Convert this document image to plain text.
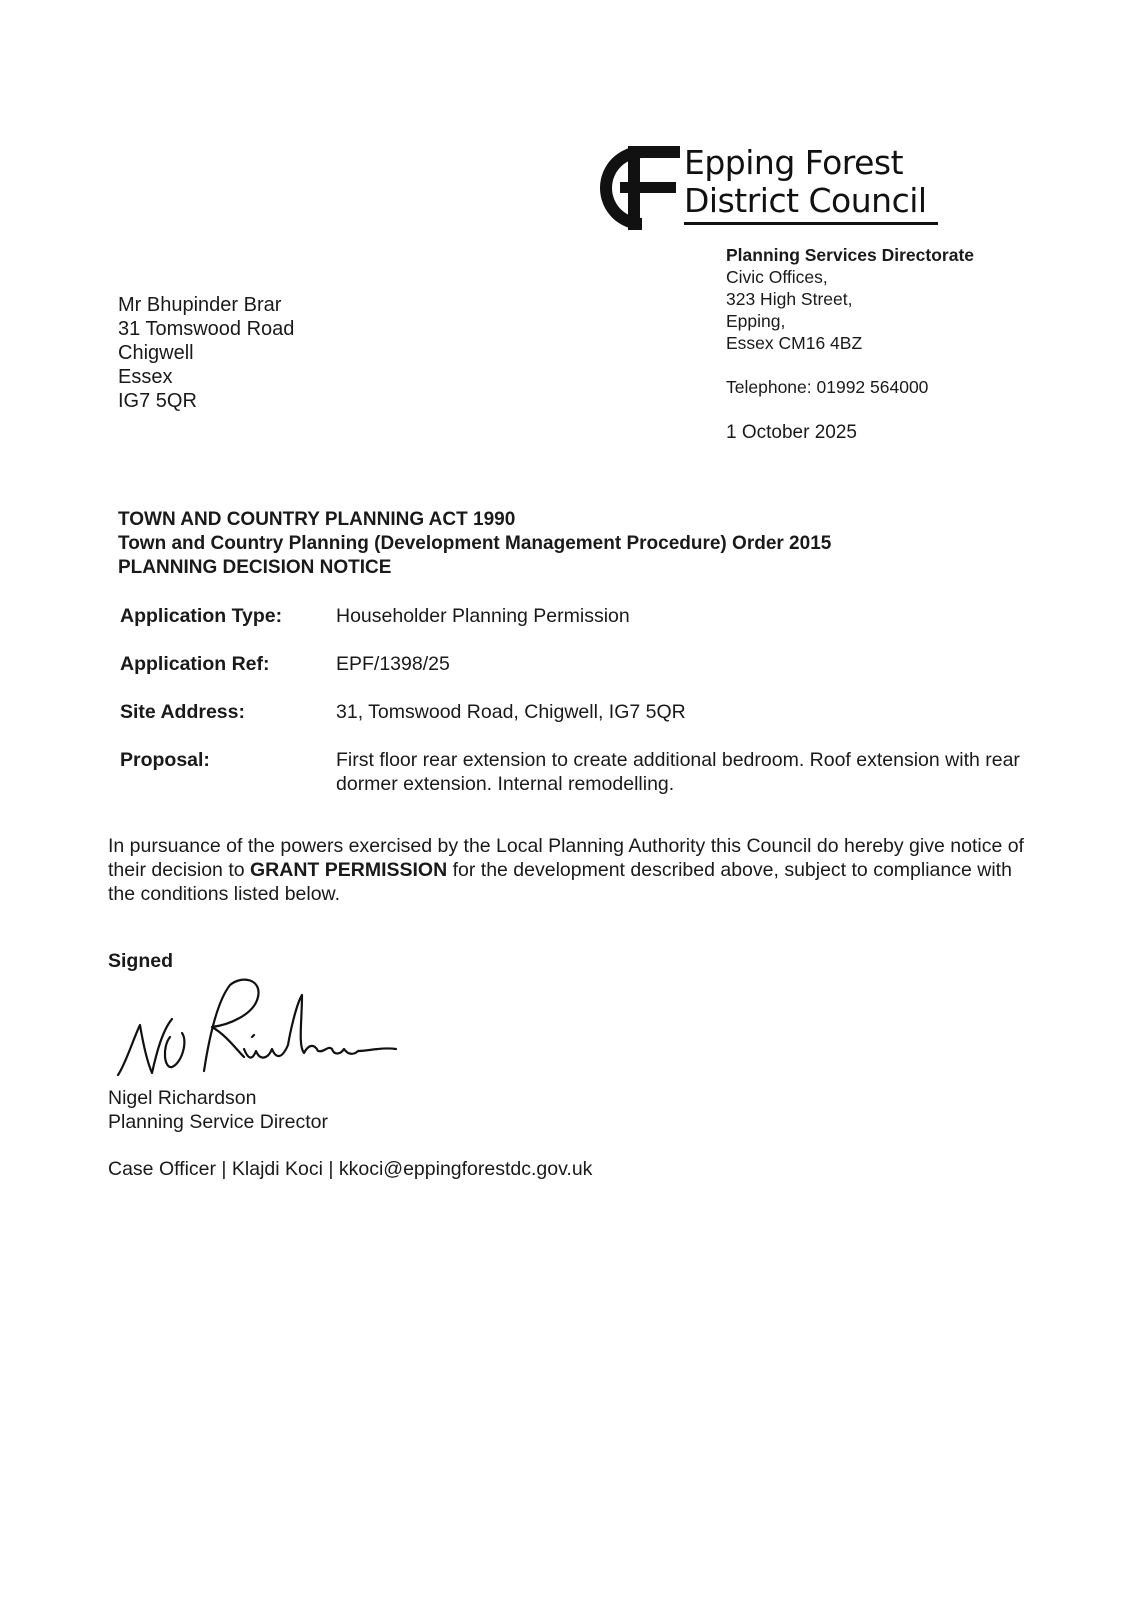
Epping Forest
District Council
Planning Services Directorate
Civic Offices,
323 High Street,
Epping,
Essex CM16 4BZ
Telephone: 01992 564000
1 October 2025
Mr Bhupinder Brar
31 Tomswood Road
Chigwell
Essex
IG7 5QR
TOWN AND COUNTRY PLANNING ACT 1990
Town and Country Planning (Development Management Procedure) Order 2015
PLANNING DECISION NOTICE
Application Type:	Householder Planning Permission
Application Ref:	EPF/1398/25
Site Address:	31, Tomswood Road, Chigwell, IG7 5QR
Proposal:	First floor rear extension to create additional bedroom. Roof extension with rear dormer extension. Internal remodelling.
In pursuance of the powers exercised by the Local Planning Authority this Council do hereby give notice of their decision to GRANT PERMISSION for the development described above, subject to compliance with the conditions listed below.
Signed
Nigel Richardson
Planning Service Director
Case Officer | Klajdi Koci | kkoci@eppingforestdc.gov.uk
